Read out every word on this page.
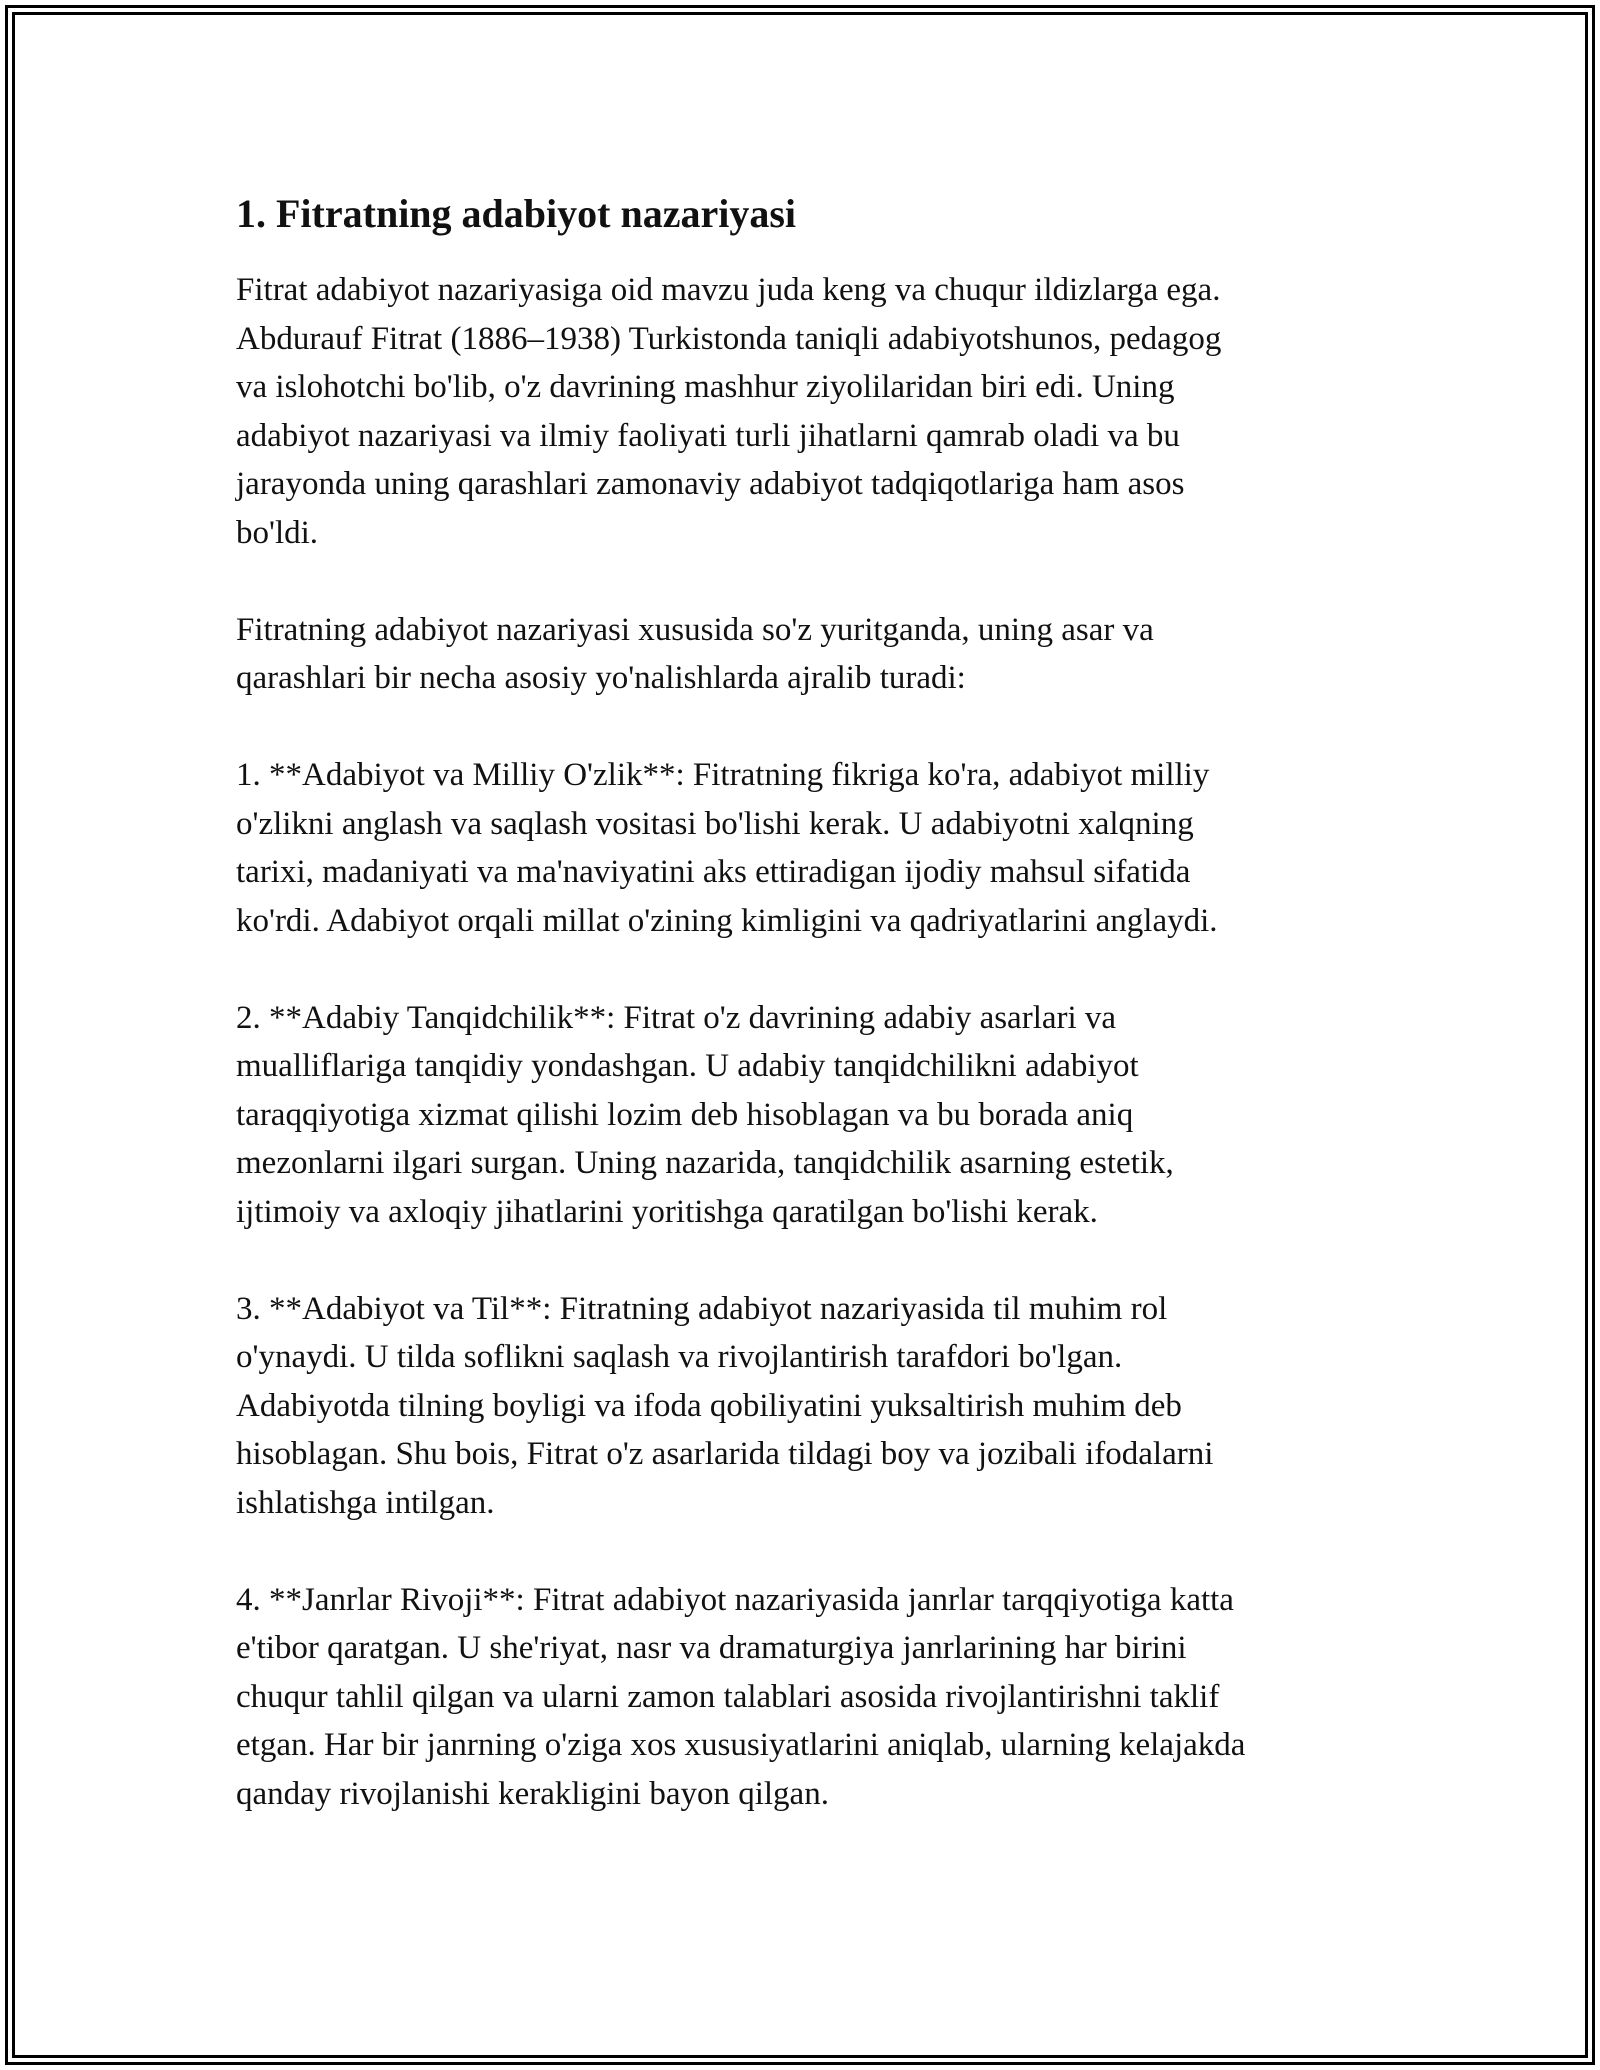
1. Fitratning adabiyot nazariyasi

Fitrat adabiyot nazariyasiga oid mavzu juda keng va chuqur ildizlarga ega.
Abdurauf Fitrat (1886–1938) Turkistonda taniqli adabiyotshunos, pedagog
va islohotchi bo'lib, o'z davrining mashhur ziyolilaridan biri edi. Uning
adabiyot nazariyasi va ilmiy faoliyati turli jihatlarni qamrab oladi va bu
jarayonda uning qarashlari zamonaviy adabiyot tadqiqotlariga ham asos
bo'ldi.

Fitratning adabiyot nazariyasi xususida so'z yuritganda, uning asar va
qarashlari bir necha asosiy yo'nalishlarda ajralib turadi:

1. **Adabiyot va Milliy O'zlik**: Fitratning fikriga ko'ra, adabiyot milliy
o'zlikni anglash va saqlash vositasi bo'lishi kerak. U adabiyotni xalqning
tarixi, madaniyati va ma'naviyatini aks ettiradigan ijodiy mahsul sifatida
ko'rdi. Adabiyot orqali millat o'zining kimligini va qadriyatlarini anglaydi.

2. **Adabiy Tanqidchilik**: Fitrat o'z davrining adabiy asarlari va
mualliflariga tanqidiy yondashgan. U adabiy tanqidchilikni adabiyot
taraqqiyotiga xizmat qilishi lozim deb hisoblagan va bu borada aniq
mezonlarni ilgari surgan. Uning nazarida, tanqidchilik asarning estetik,
ijtimoiy va axloqiy jihatlarini yoritishga qaratilgan bo'lishi kerak.

3. **Adabiyot va Til**: Fitratning adabiyot nazariyasida til muhim rol
o'ynaydi. U tilda soflikni saqlash va rivojlantirish tarafdori bo'lgan.
Adabiyotda tilning boyligi va ifoda qobiliyatini yuksaltirish muhim deb
hisoblagan. Shu bois, Fitrat o'z asarlarida tildagi boy va jozibali ifodalarni
ishlatishga intilgan.

4. **Janrlar Rivoji**: Fitrat adabiyot nazariyasida janrlar tarqqiyotiga katta
e'tibor qaratgan. U she'riyat, nasr va dramaturgiya janrlarining har birini
chuqur tahlil qilgan va ularni zamon talablari asosida rivojlantirishni taklif
etgan. Har bir janrning o'ziga xos xususiyatlarini aniqlab, ularning kelajakda
qanday rivojlanishi kerakligini bayon qilgan.
